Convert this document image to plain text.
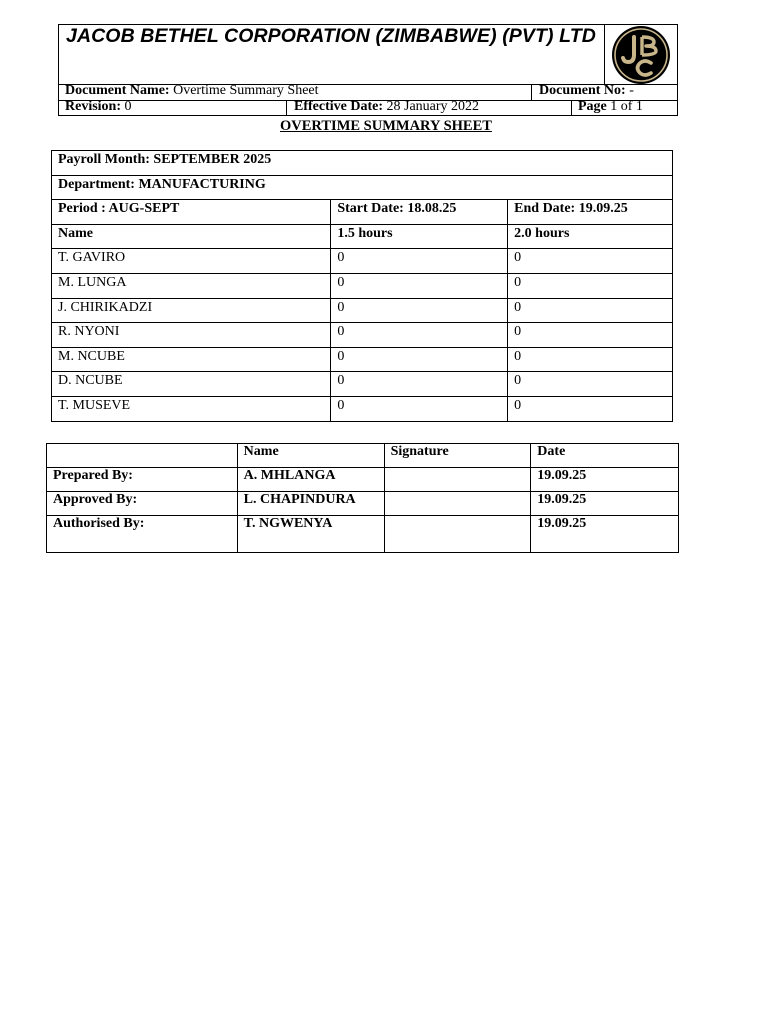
JACOB BETHEL CORPORATION (ZIMBABWE) (PVT) LTD
Document Name: Overtime Summary Sheet	Document No: -
Revision: 0	Effective Date: 28 January 2022	Page 1 of 1
OVERTIME SUMMARY SHEET
Payroll Month: SEPTEMBER 2025		
Department: MANUFACTURING		
Period : AUG-SEPT	Start Date: 18.08.25	End Date: 19.09.25
Name	1.5 hours	2.0 hours
T. GAVIRO	0	0
M. LUNGA	0	0
J. CHIRIKADZI	0	0
R. NYONI	0	0
M. NCUBE	0	0
D. NCUBE	0	0
T. MUSEVE	0	0
	Name	Signature	Date
Prepared By:	A. MHLANGA		19.09.25
Approved By:	L. CHAPINDURA		19.09.25
Authorised By:	T. NGWENYA		19.09.25
